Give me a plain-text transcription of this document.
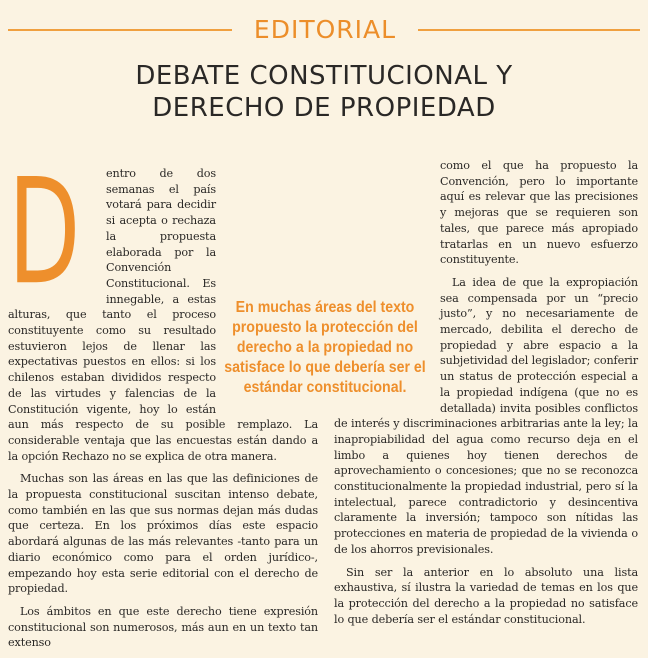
EDITORIAL
DEBATE CONSTITUCIONAL Y
DERECHO DE PROPIEDAD
D	entro de dos semanas el país votará para decidir si acepta o rechaza la propuesta elaborada por la Convención Constitucional. Es innegable, a estas alturas, que tanto el proceso constituyente como su resultado estuvieron lejos de llenar las expectativas puestos en ellos: si los chilenos estaban divididos respecto de las virtudes y falencias de la Constitución vigente, hoy lo están aun más respecto de su posible remplazo. La considerable ventaja que las encuestas están dando a la opción Rechazo no se explica de otra manera.

Muchas son las áreas en las que las definiciones de la propuesta constitucional suscitan intenso debate, como también en las que sus normas dejan más dudas que certeza. En los próximos días este espacio abordará algunas de las más relevantes -tanto para un diario económico como para el orden jurídico-, empezando hoy esta serie editorial con el derecho de propiedad.

Los ámbitos en que este derecho tiene expresión constitucional son numerosos, más aun en un texto tan extenso

como el que ha propuesto la Convención, pero lo importante aquí es relevar que las precisiones y mejoras que se requieren son tales, que parece más apropiado tratarlas en un nuevo esfuerzo constituyente.

La idea de que la expropiación sea compensada por un “precio justo”, y no necesariamente de mercado, debilita el derecho de propiedad y abre espacio a la subjetividad del legislador; conferir un status de protección especial a la propiedad indígena (que no es detallada) invita posibles conflictos de interés y discriminaciones arbitrarias ante la ley; la inapropiabilidad del agua como recurso deja en el limbo a quienes hoy tienen derechos de aprovechamiento o concesiones; que no se reconozca constitucionalmente la propiedad industrial, pero sí la intelectual, parece contradictorio y desincentiva claramente la inversión; tampoco son nítidas las protecciones en materia de propiedad de la vivienda o de los ahorros previsionales.

Sin ser la anterior en lo absoluto una lista exhaustiva, sí ilustra la variedad de temas en los que la protección del derecho a la propiedad no satisface lo que debería ser el estándar constitucional.

En muchas áreas del texto propuesto la protección del derecho a la propiedad no satisface lo que debería ser el estándar constitucional.
